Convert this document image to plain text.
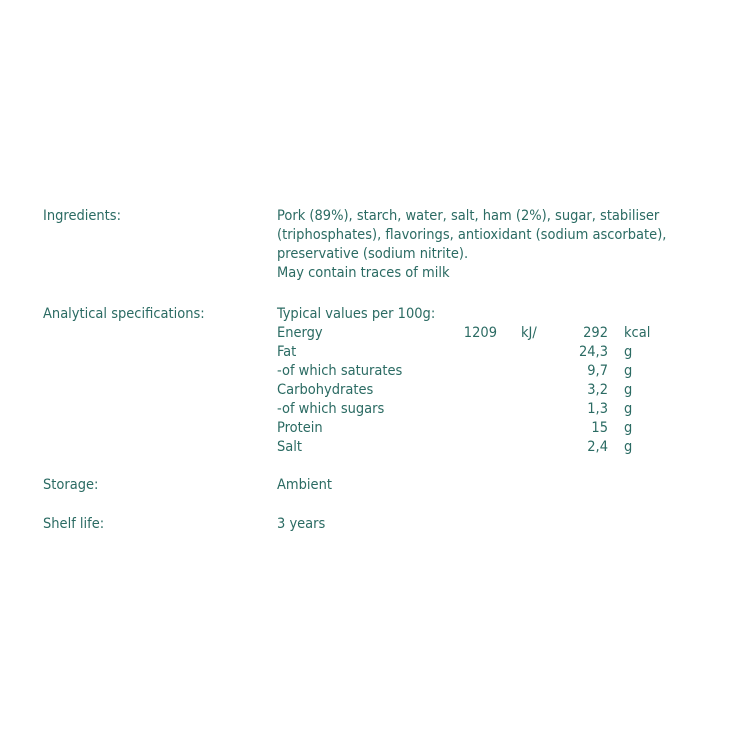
Ingredients:	Pork (89%), starch, water, salt, ham (2%), sugar, stabiliser
(triphosphates), flavorings, antioxidant (sodium ascorbate),
preservative (sodium nitrite).
May contain traces of milk
Analytical specifications:	Typical values per 100g:
Energy	1209 kJ/	292 kcal
Fat	24,3 g
-of which saturates	9,7 g
Carbohydrates	3,2 g
-of which sugars	1,3 g
Protein	15 g
Salt	2,4 g
Storage:	Ambient
Shelf life:	3 years
